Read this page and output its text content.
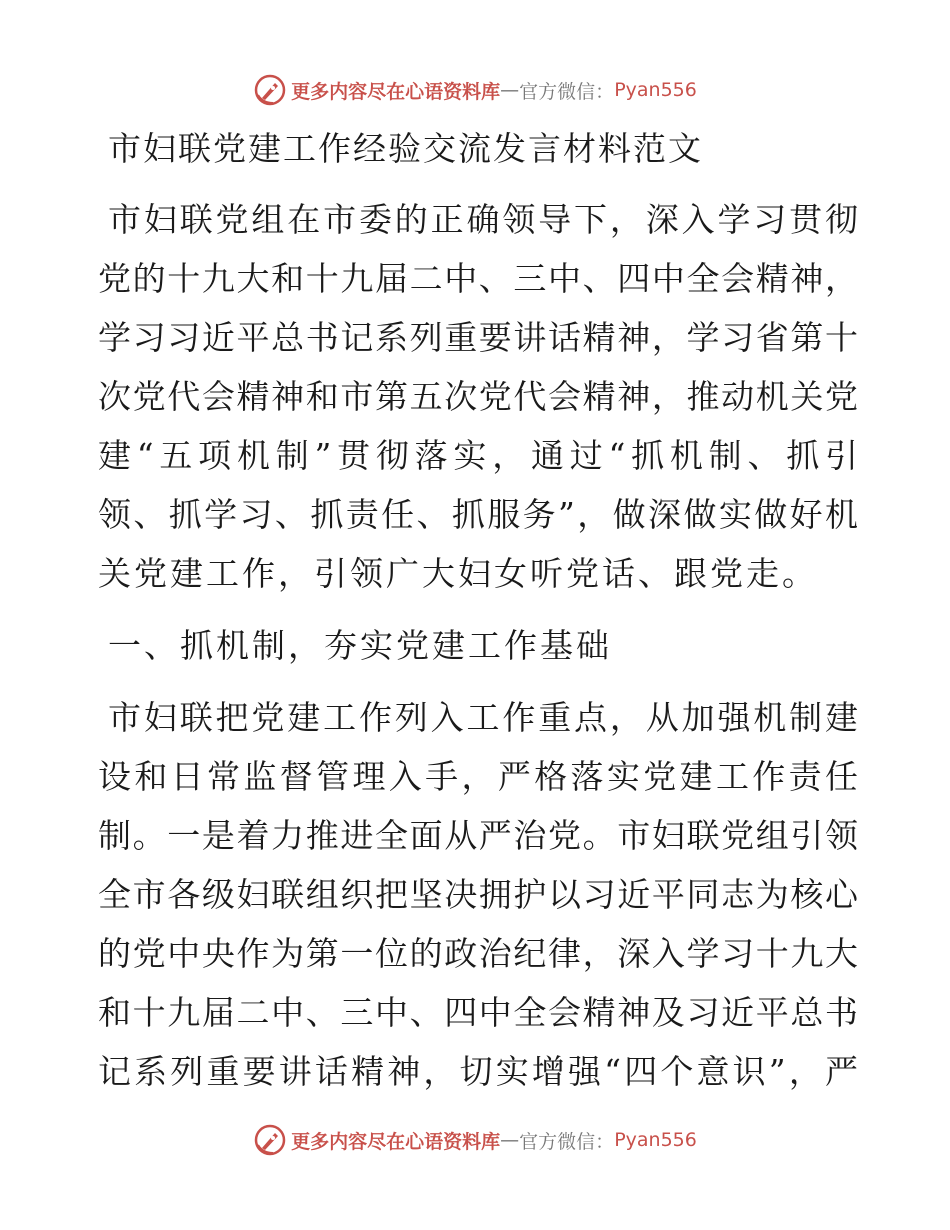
更多内容尽在心语资料库 — 官方微信： Pyan556
市妇联党建工作经验交流发言材料范文
市妇联党组在市委的正确领导下，深入学习贯彻
党的十九大和十九届二中、三中、四中全会精神，
学习习近平总书记系列重要讲话精神，学习省第十
次党代会精神和市第五次党代会精神，推动机关党
建“五项机制”贯彻落实，通过“抓机制、抓引
领、抓学习、抓责任、抓服务”，做深做实做好机
关党建工作，引领广大妇女听党话、跟党走。
一、抓机制，夯实党建工作基础
市妇联把党建工作列入工作重点，从加强机制建
设和日常监督管理入手，严格落实党建工作责任
制。一是着力推进全面从严治党。市妇联党组引领
全市各级妇联组织把坚决拥护以习近平同志为核心
的党中央作为第一位的政治纪律，深入学习十九大
和十九届二中、三中、四中全会精神及习近平总书
记系列重要讲话精神，切实增强“四个意识”，严
更多内容尽在心语资料库 — 官方微信： Pyan556
